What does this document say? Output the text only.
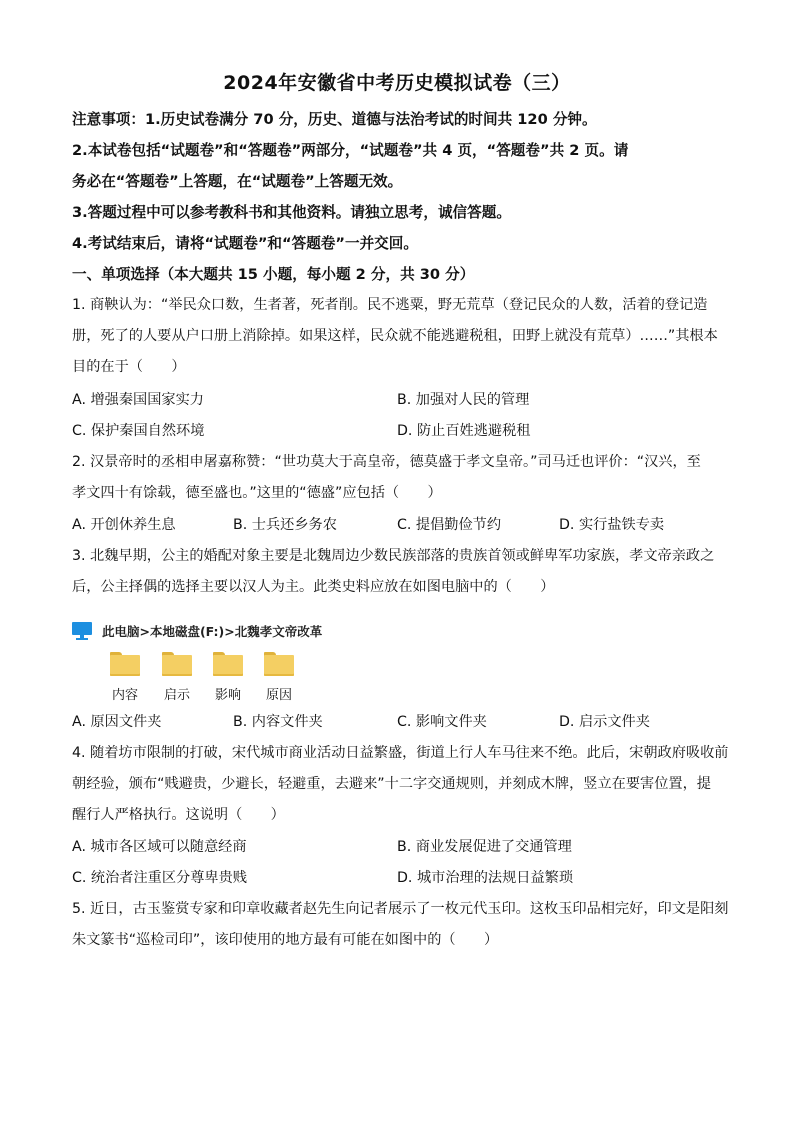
2024年安徽省中考历史模拟试卷（三）
注意事项：1.历史试卷满分 70 分，历史、道德与法治考试的时间共 120 分钟。
2.本试卷包括“试题卷”和“答题卷”两部分，“试题卷”共 4 页，“答题卷”共 2 页。请
务必在“答题卷”上答题，在“试题卷”上答题无效。
3.答题过程中可以参考教科书和其他资料。请独立思考，诚信答题。
4.考试结束后，请将“试题卷”和“答题卷”一并交回。
一、单项选择（本大题共 15 小题，每小题 2 分，共 30 分）
1. 商鞅认为：“举民众口数，生者著，死者削。民不逃粟，野无荒草（登记民众的人数，活着的登记造
册，死了的人要从户口册上消除掉。如果这样，民众就不能逃避税租，田野上就没有荒草）……”其根本
目的在于（　　）
A. 增强秦国国家实力	B. 加强对人民的管理
C. 保护秦国自然环境	D. 防止百姓逃避税租
2. 汉景帝时的丞相申屠嘉称赞：“世功莫大于高皇帝，德莫盛于孝文皇帝。”司马迁也评价：“汉兴，至
孝文四十有馀载，德至盛也。”这里的“德盛”应包括（　　）
A. 开创休养生息	B. 士兵还乡务农	C. 提倡勤俭节约	D. 实行盐铁专卖
3. 北魏早期，公主的婚配对象主要是北魏周边少数民族部落的贵族首领或鲜卑军功家族，孝文帝亲政之
后，公主择偶的选择主要以汉人为主。此类史料应放在如图电脑中的（　　）
此电脑>本地磁盘(F:)>北魏孝文帝改革
内容	启示	影响	原因
A. 原因文件夹	B. 内容文件夹	C. 影响文件夹	D. 启示文件夹
4. 随着坊市限制的打破，宋代城市商业活动日益繁盛，街道上行人车马往来不绝。此后，宋朝政府吸收前
朝经验，颁布“贱避贵，少避长，轻避重，去避来”十二字交通规则，并刻成木牌，竖立在要害位置，提
醒行人严格执行。这说明（　　）
A. 城市各区域可以随意经商	B. 商业发展促进了交通管理
C. 统治者注重区分尊卑贵贱	D. 城市治理的法规日益繁琐
5. 近日，古玉鉴赏专家和印章收藏者赵先生向记者展示了一枚元代玉印。这枚玉印品相完好，印文是阳刻
朱文篆书“巡检司印”，该印使用的地方最有可能在如图中的（　　）
